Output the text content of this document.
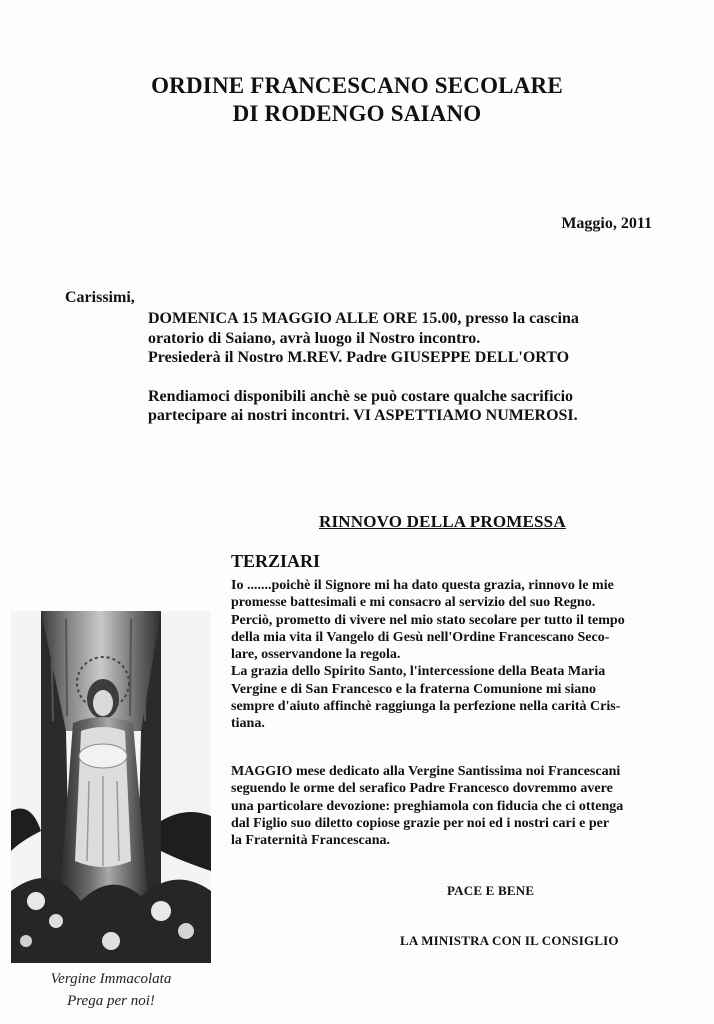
ORDINE FRANCESCANO SECOLARE
DI RODENGO SAIANO
Maggio, 2011
Carissimi,

DOMENICA 15 MAGGIO ALLE ORE 15.00, presso la cascina

oratorio di Saiano, avrà luogo il Nostro incontro.

Presiederà il Nostro M.REV. Padre GIUSEPPE DELL'ORTO

Rendiamoci disponibili anchè se può costare qualche sacrificio

partecipare ai nostri incontri. VI ASPETTIAMO NUMEROSI.

RINNOVO DELLA PROMESSA
TERZIARI

Io .......poichè il Signore mi ha dato questa grazia, rinnovo le mie

promesse battesimali e mi consacro al servizio del suo Regno.

Perciò, prometto di vivere nel mio stato secolare per tutto il tempo

della mia vita il Vangelo di Gesù nell'Ordine Francescano Seco-

lare, osservandone la regola.

La grazia dello Spirito Santo, l'intercessione della Beata Maria

Vergine e di San Francesco e la fraterna Comunione mi siano

sempre d'aiuto affinchè raggiunga la perfezione nella carità Cris-

tiana.

MAGGIO mese dedicato alla Vergine Santissima noi Francescani

seguendo le orme del serafico Padre Francesco dovremmo avere

una particolare devozione: preghiamola con fiducia che ci ottenga

dal Figlio suo diletto copiose grazie per noi ed i nostri cari e per

la Fraternità Francescana.

PACE E BENE
LA MINISTRA CON IL CONSIGLIO
Vergine Immacolata
Prega per noi!
